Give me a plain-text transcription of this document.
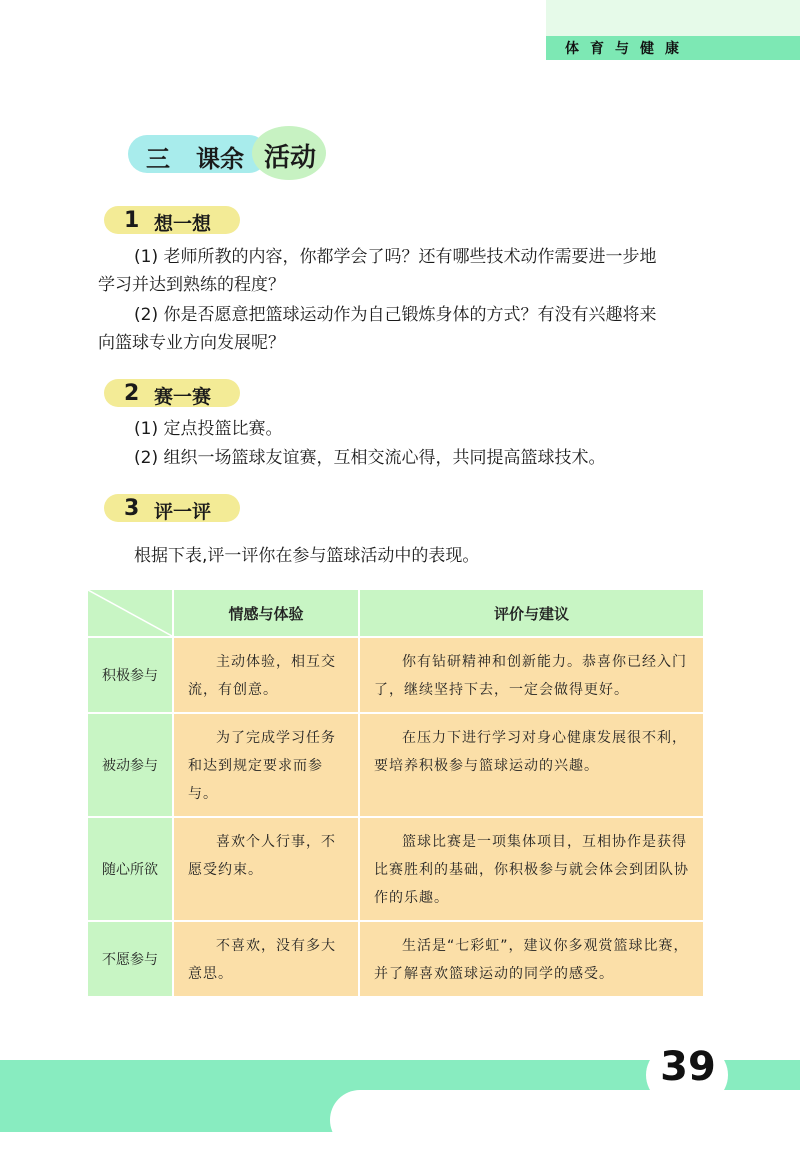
体育与健康
三 课余 活动
1 想一想
(1) 老师所教的内容，你都学会了吗？还有哪些技术动作需要进一步地
学习并达到熟练的程度？
(2) 你是否愿意把篮球运动作为自己锻炼身体的方式？有没有兴趣将来
向篮球专业方向发展呢？
2 赛一赛
(1) 定点投篮比赛。
(2) 组织一场篮球友谊赛，互相交流心得，共同提高篮球技术。
3 评一评
根据下表,评一评你在参与篮球活动中的表现。
	情感与体验	评价与建议
积极参与	主动体验，相互交流，有创意。	你有钻研精神和创新能力。恭喜你已经入门了，继续坚持下去，一定会做得更好。

被动参与	为了完成学习任务和达到规定要求而参与。	在压力下进行学习对身心健康发展很不利，要培养积极参与篮球运动的兴趣。

随心所欲	喜欢个人行事，不愿受约束。	篮球比赛是一项集体项目，互相协作是获得比赛胜利的基础，你积极参与就会体会到团队协作的乐趣。

不愿参与	不喜欢，没有多大意思。	生活是“七彩虹”，建议你多观赏篮球比赛，并了解喜欢篮球运动的同学的感受。
39
